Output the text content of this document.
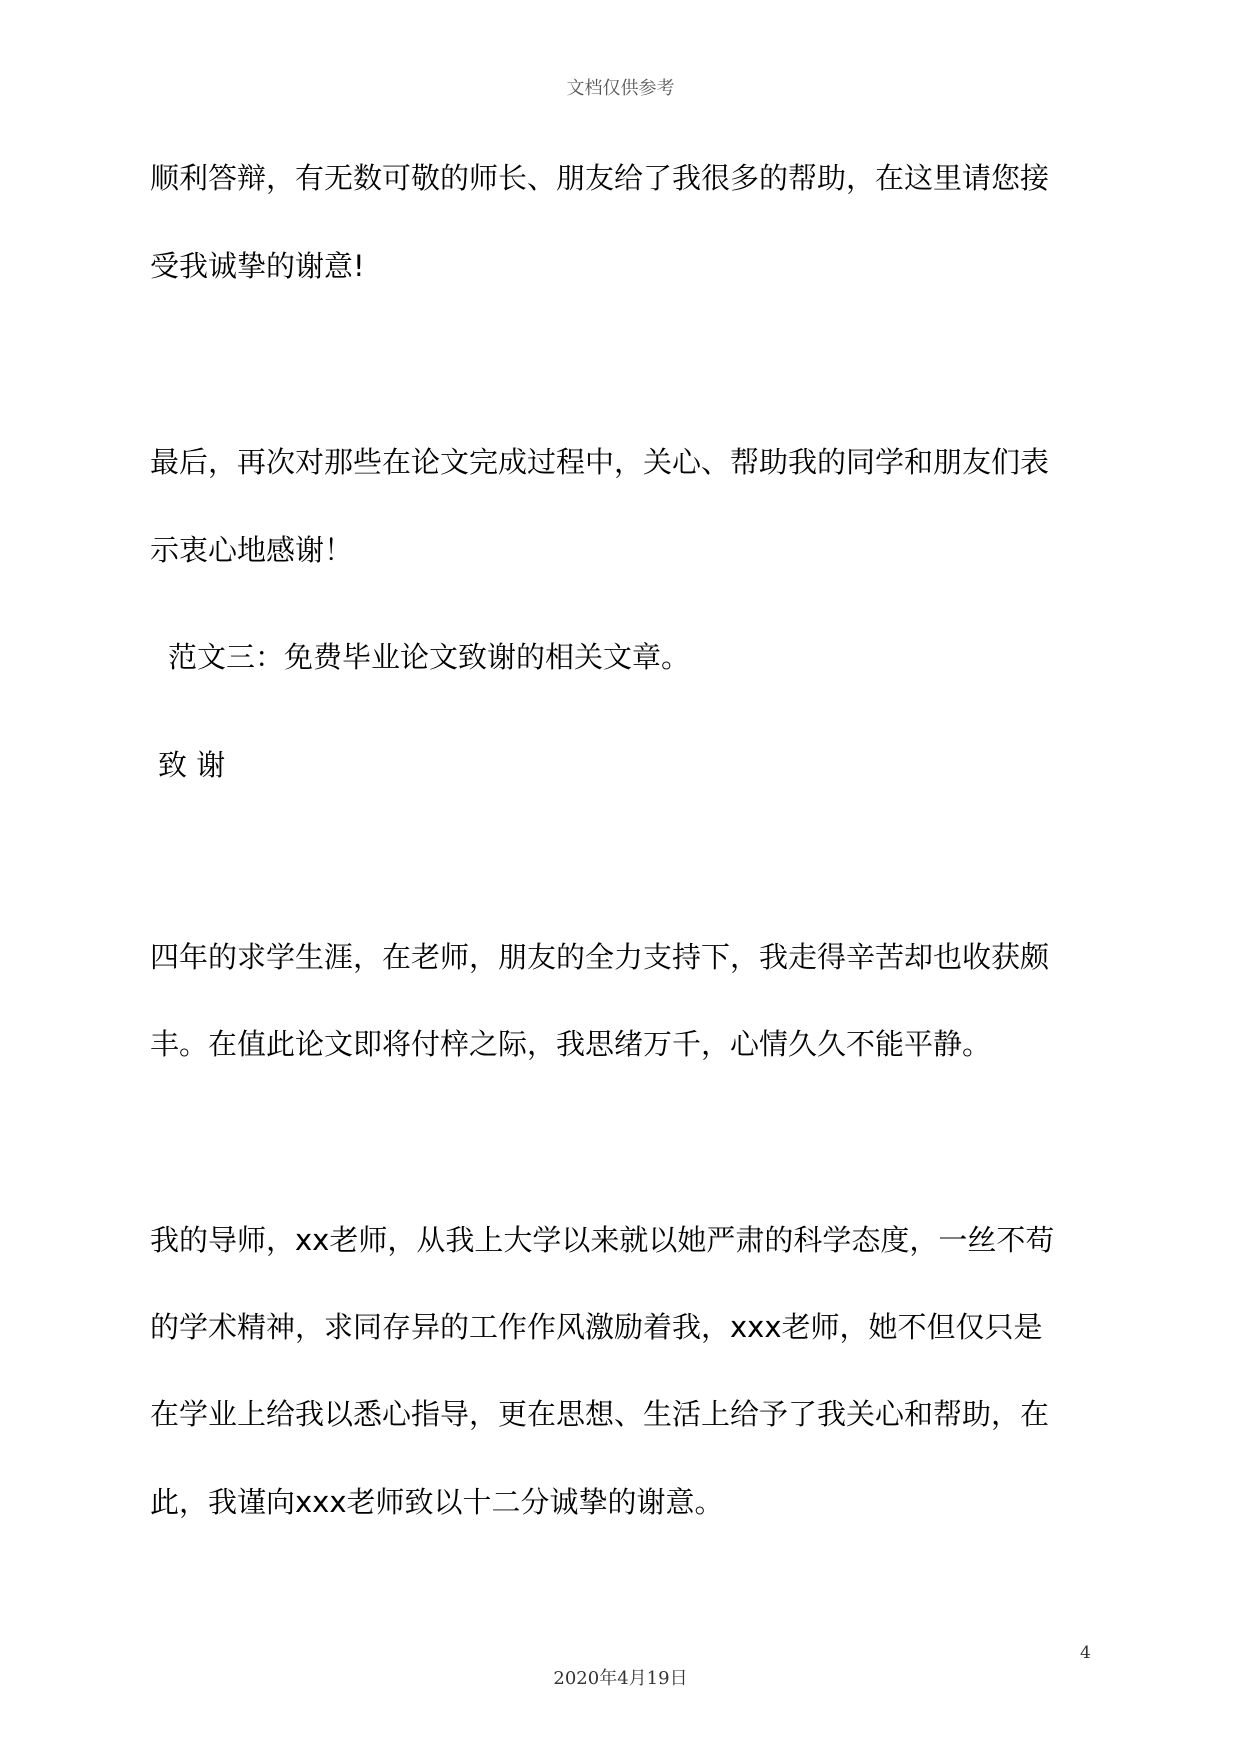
文档仅供参考
顺利答辩，有无数可敬的师长、朋友给了我很多的帮助，在这里请您接
受我诚挚的谢意!
最后，再次对那些在论文完成过程中，关心、帮助我的同学和朋友们表
示衷心地感谢！
范文三：免费毕业论文致谢的相关文章。
致 谢
四年的求学生涯，在老师，朋友的全力支持下，我走得辛苦却也收获颇
丰。在值此论文即将付梓之际，我思绪万千，心情久久不能平静。
我的导师，xx老师，从我上大学以来就以她严肃的科学态度，一丝不苟
的学术精神，求同存异的工作作风激励着我，xxx老师，她不但仅只是
在学业上给我以悉心指导，更在思想、生活上给予了我关心和帮助，在
此，我谨向xxx老师致以十二分诚挚的谢意。
4
2020年4月19日
